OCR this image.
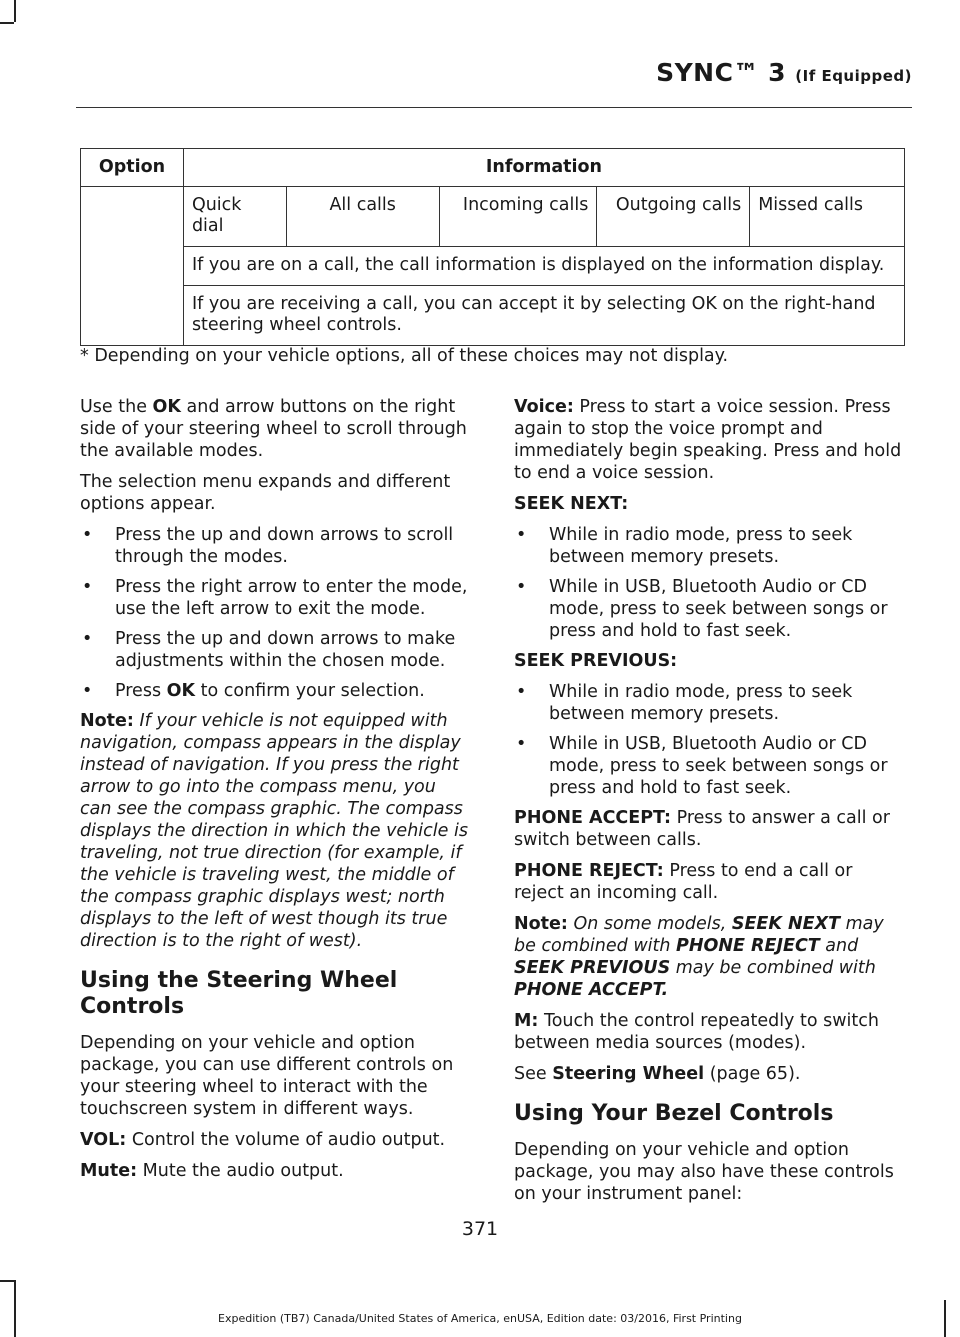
SYNC™ 3 (If Equipped)
Option	Information				
	Quick dial	All calls	Incoming calls	Outgoing calls	Missed calls
	If you are on a call, the call information is displayed on the information display.				
	If you are receiving a call, you can accept it by selecting OK on the right-hand steering wheel controls.				
* Depending on your vehicle options, all of these choices may not display.

Use the OK and arrow buttons on the right side of your steering wheel to scroll through the available modes.

The selection menu expands and different options appear.

• Press the up and down arrows to scroll through the modes.
• Press the right arrow to enter the mode, use the left arrow to exit the mode.
• Press the up and down arrows to make adjustments within the chosen mode.
• Press OK to confirm your selection.

Note: If your vehicle is not equipped with navigation, compass appears in the display instead of navigation. If you press the right arrow to go into the compass menu, you can see the compass graphic. The compass displays the direction in which the vehicle is traveling, not true direction (for example, if the vehicle is traveling west, the middle of the compass graphic displays west; north displays to the left of west though its true direction is to the right of west).

Using the Steering Wheel Controls

Depending on your vehicle and option package, you can use different controls on your steering wheel to interact with the touchscreen system in different ways.

VOL: Control the volume of audio output.

Mute: Mute the audio output.

Voice: Press to start a voice session. Press again to stop the voice prompt and immediately begin speaking. Press and hold to end a voice session.

SEEK NEXT:

• While in radio mode, press to seek between memory presets.
• While in USB, Bluetooth Audio or CD mode, press to seek between songs or press and hold to fast seek.

SEEK PREVIOUS:

• While in radio mode, press to seek between memory presets.
• While in USB, Bluetooth Audio or CD mode, press to seek between songs or press and hold to fast seek.

PHONE ACCEPT: Press to answer a call or switch between calls.

PHONE REJECT: Press to end a call or reject an incoming call.

Note: On some models, SEEK NEXT may be combined with PHONE REJECT and SEEK PREVIOUS may be combined with PHONE ACCEPT.

M: Touch the control repeatedly to switch between media sources (modes).

See Steering Wheel (page 65).

Using Your Bezel Controls

Depending on your vehicle and option package, you may also have these controls on your instrument panel:

371
Expedition (TB7) Canada/United States of America, enUSA, Edition date: 03/2016, First Printing
